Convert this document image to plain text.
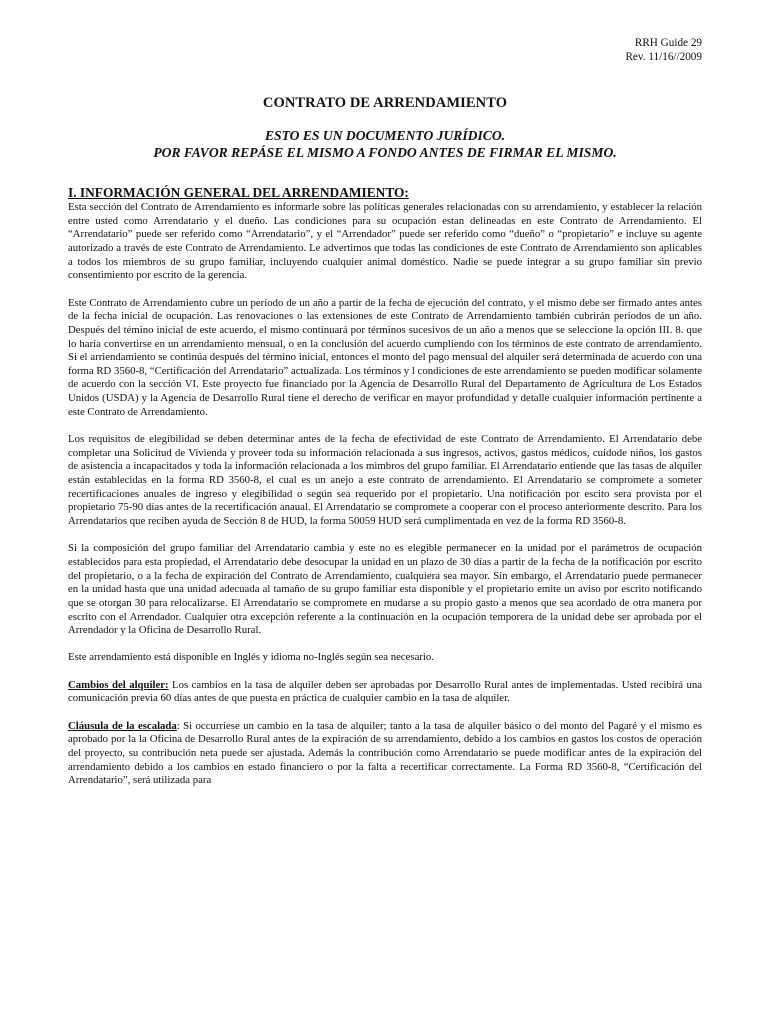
RRH Guide 29
Rev. 11/16//2009
CONTRATO DE ARRENDAMIENTO
ESTO ES UN DOCUMENTO JURÍDICO.
POR FAVOR REPÁSE EL MISMO A FONDO ANTES DE FIRMAR EL MISMO.
I. INFORMACIÓN GENERAL DEL ARRENDAMIENTO:

Esta sección del Contrato de Arrendamiento es informarle sobre las políticas generales relacionadas con su arrendamiento, y establecer la relación entre usted como Arrendatario y el dueño. Las condiciones para su ocupación estan delineadas en este Contrato de Arrendamiento. El “Arrendatario” puede ser referido como “Arrendatario”, y el “Arrendador” puede ser referido como “dueño” o “propietario” e incluye su agente autorizado a través de este Contrato de Arrendamiento. Le advertimos que todas las condiciones de este Contrato de Arrendamiento son aplicables a todos los miembros de su grupo familiar, incluyendo cualquier animal doméstico. Nadie se puede integrar a su grupo familiar sin previo consentimiento por escrito de la gerencia.

Este Contrato de Arrendamiento cubre un período de un año a partir de la fecha de ejecución del contrato, y el mismo debe ser firmado antes antes de la fecha inicial de ocupación. Las renovaciones o las extensiones de este Contrato de Arrendamiento también cubrirán períodos de un año. Después del témino inicial de este acuerdo, el mismo continuará por términos sucesivos de un año a menos que se seleccione la opción III. 8. que lo haría convertirse en un arrendamiento mensual, o en la conclusión del acuerdo cumpliendo con los términos de este contrato de arrendamiento. Si el arriendamiento se continúa después del término inicial, entonces el monto del pago mensual del alquiler será determinada de acuerdo con una forma RD 3560-8, “Certificación del Arrendatario” actualizada. Los términos y l condiciones de este arrendamiento se pueden modificar solamente de acuerdo con la sección VI. Este proyecto fue financiado por la Agencia de Desarrollo Rural del Departamento de Agricultura de Los Estados Unidos (USDA) y la Agencia de Desarrollo Rural tiene el derecho de verificar en mayor profundidad y detalle cualquier información pertinente a este Contrato de Arrendamiento.

Los requisitos de elegibilidad se deben determinar antes de la fecha de efectividad de este Contrato de Arrendamiento. El Arrendatario debe completar una Solicitud de Vivienda y proveer toda su información relacionada a sus ingresos, activos, gastos médicos, cuidode niños, los gastos de asistencia a incapacitados y toda la información relacionada a los mimbros del grupo familiar. El Arrendatario entiende que las tasas de alquiler están establecidas en la forma RD 3560-8, el cual es un anejo a este contrato de arrendamiento. El Arrendatario se compromete a someter recertificaciones anuales de ingreso y elegibilidad o según sea requerido por el propietario. Una notificación por escito sera provista por el propietario 75-90 días antes de la recertificación anaual. El Arrendatario se compromete a cooperar con el proceso anteriormente descrito. Para los Arrendatarios que reciben ayuda de Sección 8 de HUD, la forma 50059 HUD será cumplimentada en vez de la forma RD 3560-8.

Si la composición del grupo familiar del Arrendatario cambia y este no es elegible permanecer en la unidad por el parámetros de ocupación establecidos para esta propiedad, el Arrendatario debe desocupar la unidad en un plazo de 30 días a partir de la fecha de la notificación por escrito del propietario, o a la fecha de expiración del Contrato de Arrendamiento, cualquiera sea mayor. Sin embargo, el Arrendatario puede permanecer en la unidad hasta que una unidad adecuada al tamaño de su grupo familiar esta disponible y el propietario emite un aviso por escrito notificando que se otorgan 30 para relocalizarse. El Arrendatario se compromete en mudarse a su propio gasto a menos que sea acordado de otra manera por escrito con el Arrendador. Cualquier otra excepción referente a la continuación en la ocupación temporera de la unidad debe ser aprobada por el Arrendador y la Oficina de Desarrollo Rural.

Este arrendamiento está disponible en Inglés y idioma no-Inglés según sea necesario.

Cambios del alquiler: Los cambios en la tasa de alquiler deben ser aprobadas por Desarrollo Rural antes de implementadas. Usted recibirá una comunicación previa 60 días antes de que puesta en práctica de cualquier cambio en la tasa de alquiler.

Cláusula de la escalada: Si occurriese un cambio en la tasa de alquiler; tanto a la tasa de alquiler básico o del monto del Pagaré y el mismo es aprobado por la la Oficina de Desarrollo Rural antes de la expiración de su arrendamiento, debido a los cambios en gastos los costos de operación del proyecto, su contribución neta puede ser ajustada. Además la contribución como Arrendatario se puede modificar antes de la expiración del arrendamiento debido a los cambios en estado financiero o por la falta a recertificar correctamente. La Forma RD 3560-8, “Certificación del Arrendatario”, será utilizada para
